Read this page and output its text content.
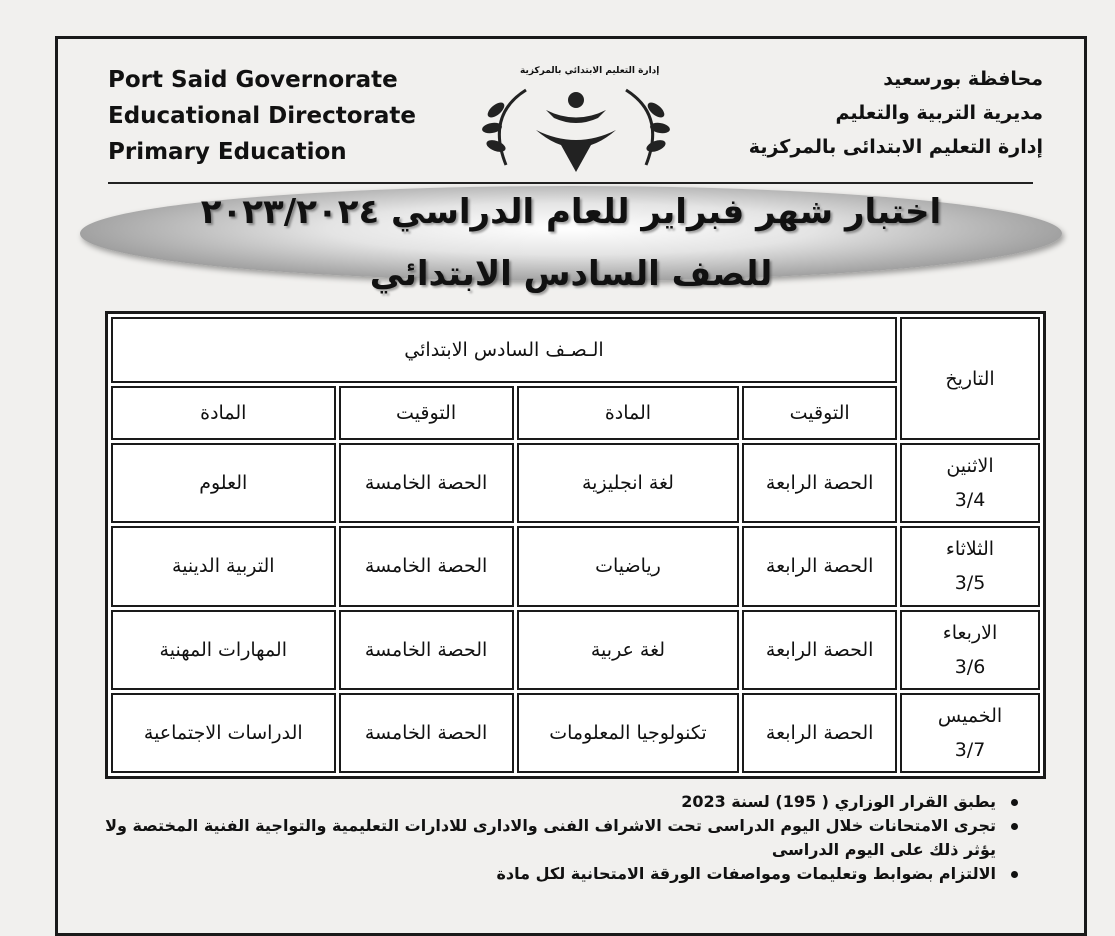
Port Said Governorate
Educational Directorate
Primary Education
إدارة التعليم الابتدائي بالمركزية	محافظة بورسعيد
مديرية التربية والتعليم
إدارة التعليم الابتدائى بالمركزية
اختبار شهر فبراير للعام الدراسي ٢٠٢٣/٢٠٢٤
للصف السادس الابتدائي
التاريخ	الـصـف السادس الابتدائي			
	التوقيت	المادة	التوقيت	المادة

الاثنين
3/4	الحصة الرابعة	لغة انجليزية	الحصة الخامسة	العلوم

الثلاثاء
3/5	الحصة الرابعة	رياضيات	الحصة الخامسة	التربية الدينية

الاربعاء
3/6	الحصة الرابعة	لغة عربية	الحصة الخامسة	المهارات المهنية

الخميس
3/7	الحصة الرابعة	تكنولوجيا المعلومات	الحصة الخامسة	الدراسات الاجتماعية
يطبق القرار الوزاري ( 195) لسنة 2023
تجرى الامتحانات خلال اليوم الدراسى تحت الاشراف الفنى والادارى للادارات التعليمية والتواجية الفنية المختصة ولا يؤثر ذلك على اليوم الدراسى
الالتزام بضوابط وتعليمات ومواصفات الورقة الامتحانية لكل مادة
